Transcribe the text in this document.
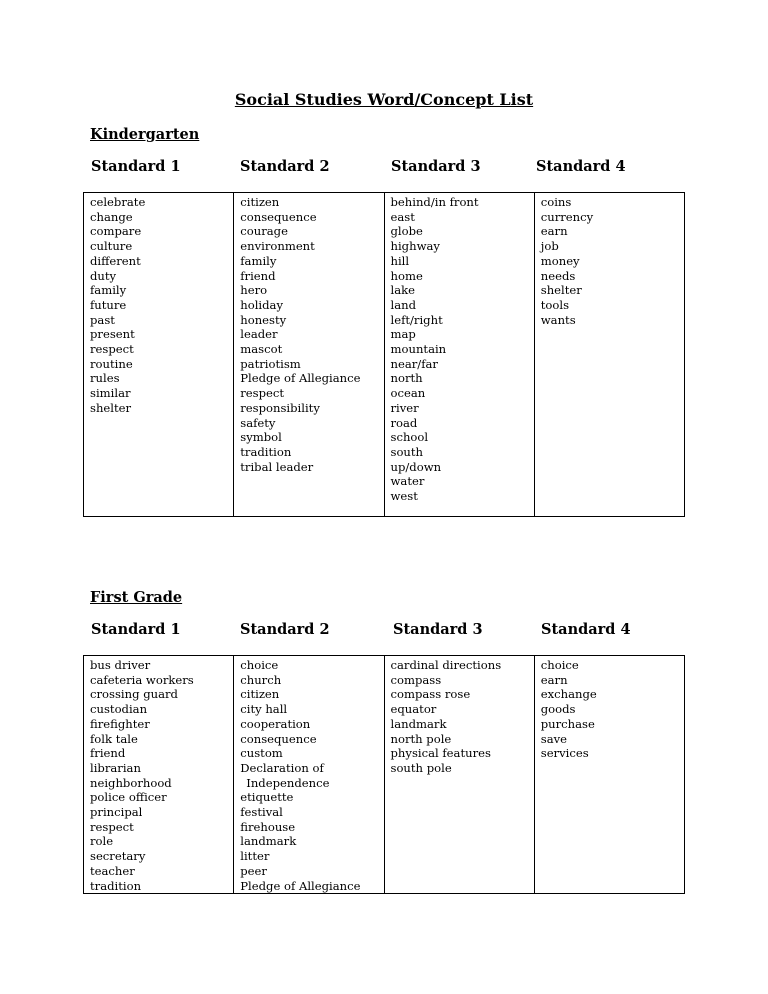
Social Studies Word/Concept List
Kindergarten
Standard 1	Standard 2	Standard 3	Standard 4
celebrate
change
compare
culture
different
duty
family
future
past
present
respect
routine
rules
similar
shelter

citizen
consequence
courage
environment
family
friend
hero
holiday
honesty
leader
mascot
patriotism
Pledge of Allegiance
respect
responsibility
safety
symbol
tradition
tribal leader

behind/in front
east
globe
highway
hill
home
lake
land
left/right
map
mountain
near/far
north
ocean
river
road
school
south
up/down
water
west

coins
currency
earn
job
money
needs
shelter
tools
wants
First Grade
Standard 1	Standard 2	Standard 3	Standard 4
bus driver
cafeteria workers
crossing guard
custodian
firefighter
folk tale
friend
librarian
neighborhood
police officer
principal
respect
role
secretary
teacher
tradition

choice
church
citizen
city hall
cooperation
consequence
custom
Declaration of
Independence
etiquette
festival
firehouse
landmark
litter
peer
Pledge of Allegiance

cardinal directions
compass
compass rose
equator
landmark
north pole
physical features
south pole

choice
earn
exchange
goods
purchase
save
services
